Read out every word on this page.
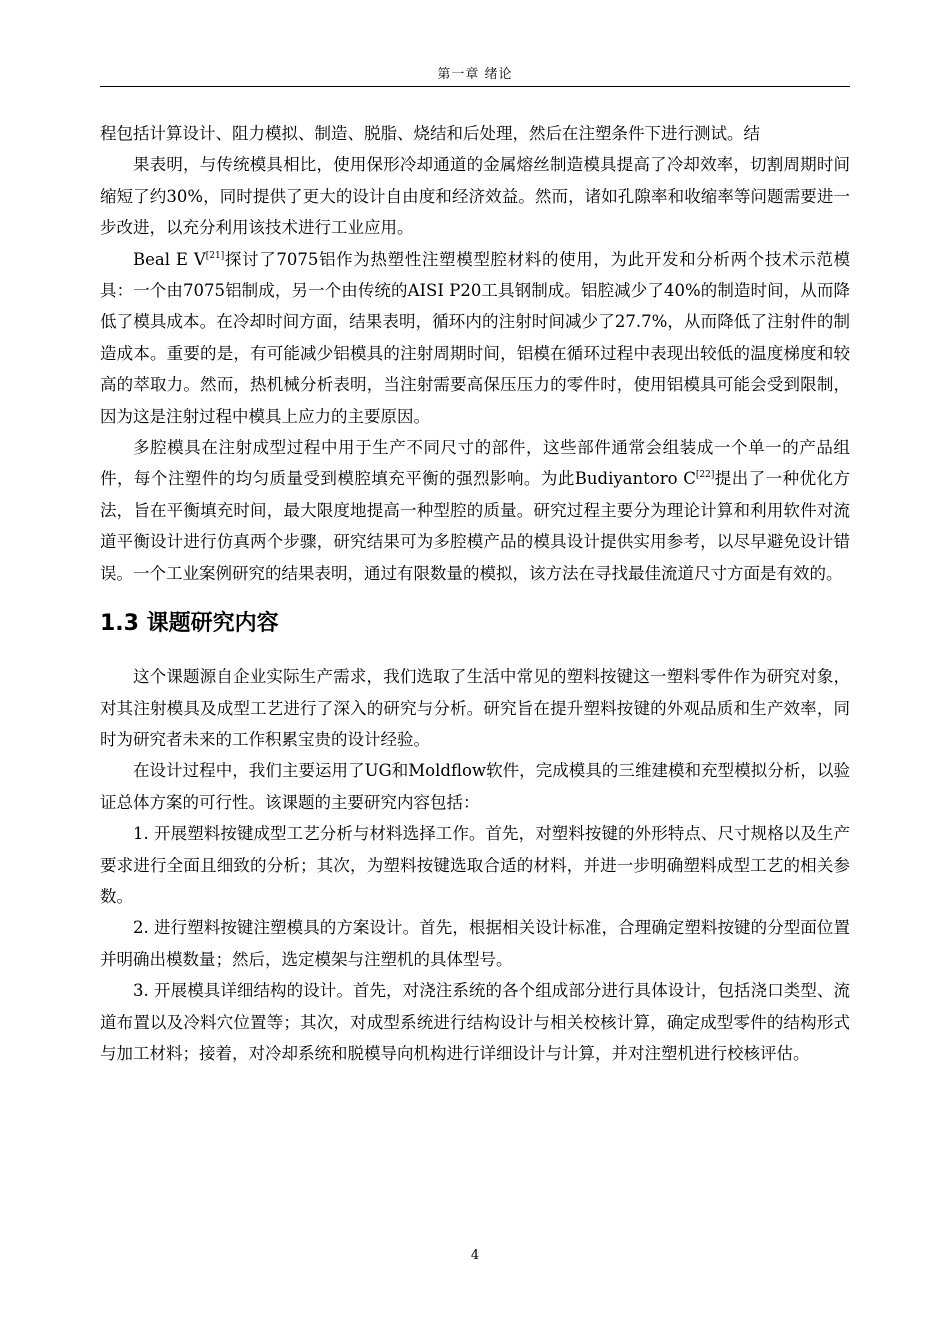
第一章 绪论

程包括计算设计、阻力模拟、制造、脱脂、烧结和后处理，然后在注塑条件下进行测试。结

果表明，与传统模具相比，使用保形冷却通道的金属熔丝制造模具提高了冷却效率，切割周期时间缩短了约30%，同时提供了更大的设计自由度和经济效益。然而，诸如孔隙率和收缩率等问题需要进一步改进，以充分利用该技术进行工业应用。

Beal E V[21]探讨了7075铝作为热塑性注塑模型腔材料的使用，为此开发和分析两个技术示范模具：一个由7075铝制成，另一个由传统的AISI P20工具钢制成。铝腔减少了40%的制造时间，从而降低了模具成本。在冷却时间方面，结果表明，循环内的注射时间减少了27.7%，从而降低了注射件的制造成本。重要的是，有可能减少铝模具的注射周期时间，铝模在循环过程中表现出较低的温度梯度和较高的萃取力。然而，热机械分析表明，当注射需要高保压压力的零件时，使用铝模具可能会受到限制，因为这是注射过程中模具上应力的主要原因。

多腔模具在注射成型过程中用于生产不同尺寸的部件，这些部件通常会组装成一个单一的产品组件，每个注塑件的均匀质量受到模腔填充平衡的强烈影响。为此Budiyantoro C[22]提出了一种优化方法，旨在平衡填充时间，最大限度地提高一种型腔的质量。研究过程主要分为理论计算和利用软件对流道平衡设计进行仿真两个步骤，研究结果可为多腔模产品的模具设计提供实用参考，以尽早避免设计错误。一个工业案例研究的结果表明，通过有限数量的模拟，该方法在寻找最佳流道尺寸方面是有效的。

1.3 课题研究内容

这个课题源自企业实际生产需求，我们选取了生活中常见的塑料按键这一塑料零件作为研究对象，对其注射模具及成型工艺进行了深入的研究与分析。研究旨在提升塑料按键的外观品质和生产效率，同时为研究者未来的工作积累宝贵的设计经验。

在设计过程中，我们主要运用了UG和Moldflow软件，完成模具的三维建模和充型模拟分析，以验证总体方案的可行性。该课题的主要研究内容包括：

1. 开展塑料按键成型工艺分析与材料选择工作。首先，对塑料按键的外形特点、尺寸规格以及生产要求进行全面且细致的分析；其次，为塑料按键选取合适的材料，并进一步明确塑料成型工艺的相关参数。

2. 进行塑料按键注塑模具的方案设计。首先，根据相关设计标准，合理确定塑料按键的分型面位置并明确出模数量；然后，选定模架与注塑机的具体型号。

3. 开展模具详细结构的设计。首先，对浇注系统的各个组成部分进行具体设计，包括浇口类型、流道布置以及冷料穴位置等；其次，对成型系统进行结构设计与相关校核计算，确定成型零件的结构形式与加工材料；接着，对冷却系统和脱模导向机构进行详细设计与计算，并对注塑机进行校核评估。

4
